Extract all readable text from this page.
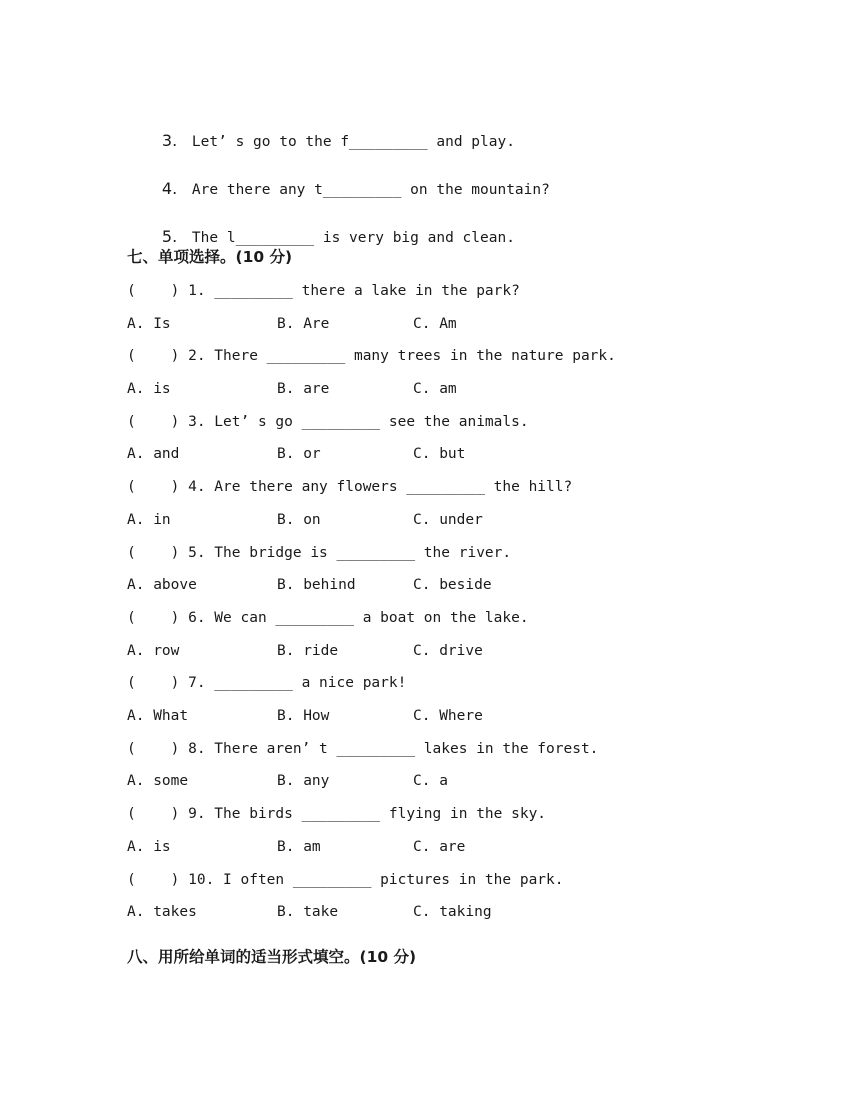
3. Let’ s go to the f_________ and play.

4. Are there any t_________ on the mountain?

5. The l_________ is very big and clean.

七、单项选择。(10 分)
(    ) 1. _________ there a lake in the park?

A. Is

	B. Are

	C. Am

(    ) 2. There _________ many trees in the nature park.

A. is

	B. are

	C. am

(    ) 3. Let’ s go _________ see the animals.

A. and

	B. or

	C. but

(    ) 4. Are there any flowers _________ the hill?

A. in

	B. on

	C. under

(    ) 5. The bridge is _________ the river.

A. above

	B. behind

	C. beside

(    ) 6. We can _________ a boat on the lake.

A. row

	B. ride

	C. drive

(    ) 7. _________ a nice park!

A. What

	B. How

	C. Where

(    ) 8. There aren’ t _________ lakes in the forest.

A. some

	B. any

	C. a

(    ) 9. The birds _________ flying in the sky.

A. is

	B. am

	C. are

(    ) 10. I often _________ pictures in the park.

A. takes

	B. take

	C. taking

八、用所给单词的适当形式填空。(10 分)
